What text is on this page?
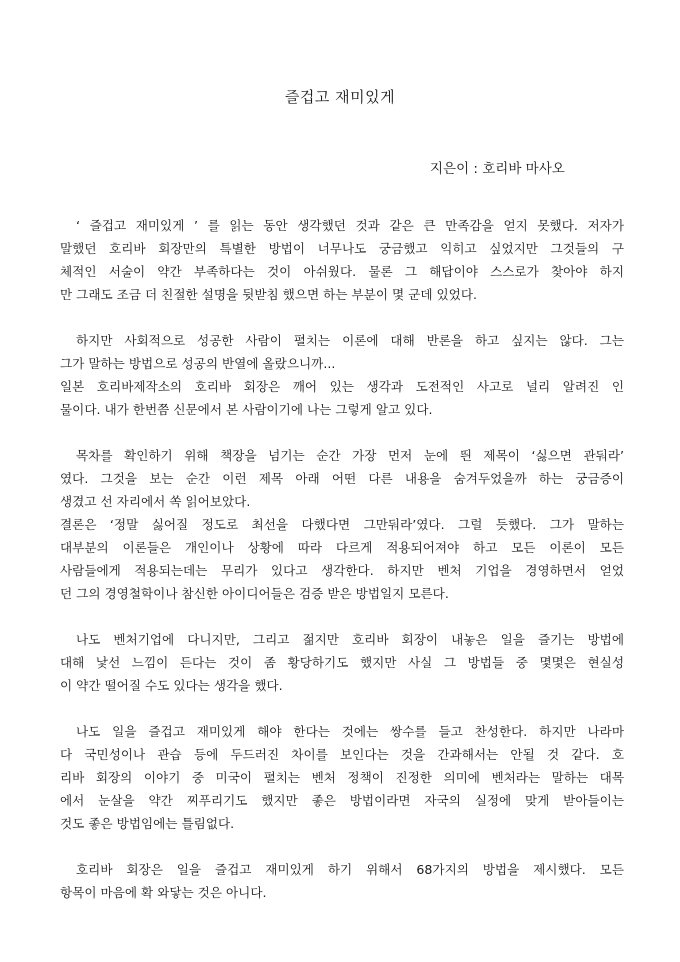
즐겁고 재미있게

지은이 : 호리바 마사오

‘ 즐겁고 재미있게 ’ 를 읽는 동안 생각했던 것과 같은 큰 만족감을 얻지 못했다. 저자가
말했던 호리바 회장만의 특별한 방법이 너무나도 궁금했고 익히고 싶었지만 그것들의 구
체적인 서술이 약간 부족하다는 것이 아쉬웠다. 물론 그 해답이야 스스로가 찾아야 하지
만 그래도 조금 더 친절한 설명을 뒷받침 했으면 하는 부분이 몇 군데 있었다.
하지만 사회적으로 성공한 사람이 펼치는 이론에 대해 반론을 하고 싶지는 않다. 그는
그가 말하는 방법으로 성공의 반열에 올랐으니까...
일본 호리바제작소의 호리바 회장은 깨어 있는 생각과 도전적인 사고로 널리 알려진 인
물이다. 내가 한번쯤 신문에서 본 사람이기에 나는 그렇게 알고 있다.
목차를 확인하기 위해 책장을 넘기는 순간 가장 먼저 눈에 띈 제목이 ‘싫으면 관둬라’
였다. 그것을 보는 순간 이런 제목 아래 어떤 다른 내용을 숨겨두었을까 하는 궁금증이
생겼고 선 자리에서 쏙 읽어보았다.
결론은 ‘정말 싫어질 정도로 최선을 다했다면 그만둬라’였다. 그럴 듯했다. 그가 말하는
대부분의 이론들은 개인이나 상황에 따라 다르게 적용되어져야 하고 모든 이론이 모든
사람들에게 적용되는데는 무리가 있다고 생각한다. 하지만 벤처 기업을 경영하면서 얻었
던 그의 경영철학이나 참신한 아이디어들은 검증 받은 방법일지 모른다.
나도 벤처기업에 다니지만, 그리고 젊지만 호리바 회장이 내놓은 일을 즐기는 방법에
대해 낯선 느낌이 든다는 것이 좀 황당하기도 했지만 사실 그 방법들 중 몇몇은 현실성
이 약간 떨어질 수도 있다는 생각을 했다.
나도 일을 즐겁고 재미있게 해야 한다는 것에는 쌍수를 들고 찬성한다. 하지만 나라마
다 국민성이나 관습 등에 두드러진 차이를 보인다는 것을 간과해서는 안될 것 같다. 호
리바 회장의 이야기 중 미국이 펼치는 벤처 정책이 진정한 의미에 벤처라는 말하는 대목
에서 눈살을 약간 찌푸리기도 했지만 좋은 방법이라면 자국의 실정에 맞게 받아들이는
것도 좋은 방법임에는 틀림없다.
호리바 회장은 일을 즐겁고 재미있게 하기 위해서 68가지의 방법을 제시했다. 모든
항목이 마음에 확 와닿는 것은 아니다.
